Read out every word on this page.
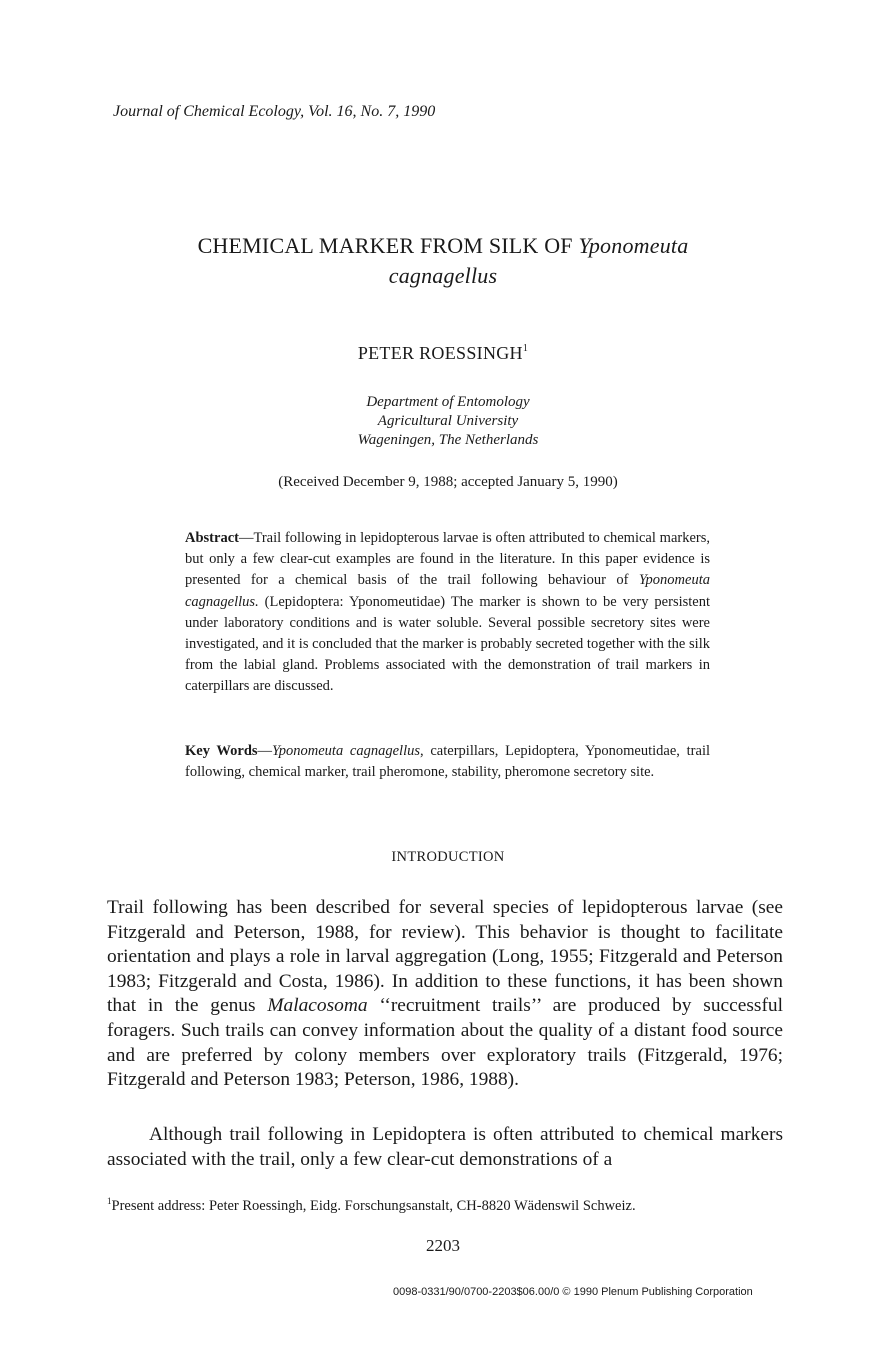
Journal of Chemical Ecology, Vol. 16, No. 7, 1990
CHEMICAL MARKER FROM SILK OF Yponomeuta
cagnagellus
PETER ROESSINGH$^1$
Department of Entomology
Agricultural University
Wageningen, The Netherlands
(Received December 9, 1988; accepted January 5, 1990)
Abstract—Trail following in lepidopterous larvae is often attributed to chemical markers, but only a few clear-cut examples are found in the literature. In this paper evidence is presented for a chemical basis of the trail following behaviour of Yponomeuta cagnagellus. (Lepidoptera: Yponomeutidae) The marker is shown to be very persistent under laboratory conditions and is water soluble. Several possible secretory sites were investigated, and it is concluded that the marker is probably secreted together with the silk from the labial gland. Problems associated with the demonstration of trail markers in caterpillars are discussed.
Key Words—Yponomeuta cagnagellus, caterpillars, Lepidoptera, Yponomeutidae, trail following, chemical marker, trail pheromone, stability, pheromone secretory site.
INTRODUCTION
Trail following has been described for several species of lepidopterous larvae (see Fitzgerald and Peterson, 1988, for review). This behavior is thought to facilitate orientation and plays a role in larval aggregation (Long, 1955; Fitzgerald and Peterson 1983; Fitzgerald and Costa, 1986). In addition to these functions, it has been shown that in the genus Malacosoma ‘‘recruitment trails’’ are produced by successful foragers. Such trails can convey information about the quality of a distant food source and are preferred by colony members over exploratory trails (Fitzgerald, 1976; Fitzgerald and Peterson 1983; Peterson, 1986, 1988).
Although trail following in Lepidoptera is often attributed to chemical markers associated with the trail, only a few clear-cut demonstrations of a
$^1$Present address: Peter Roessingh, Eidg. Forschungsanstalt, CH-8820 Wädenswil Schweiz.
2203
0098-0331/90/0700-2203$06.00/0 © 1990 Plenum Publishing Corporation
